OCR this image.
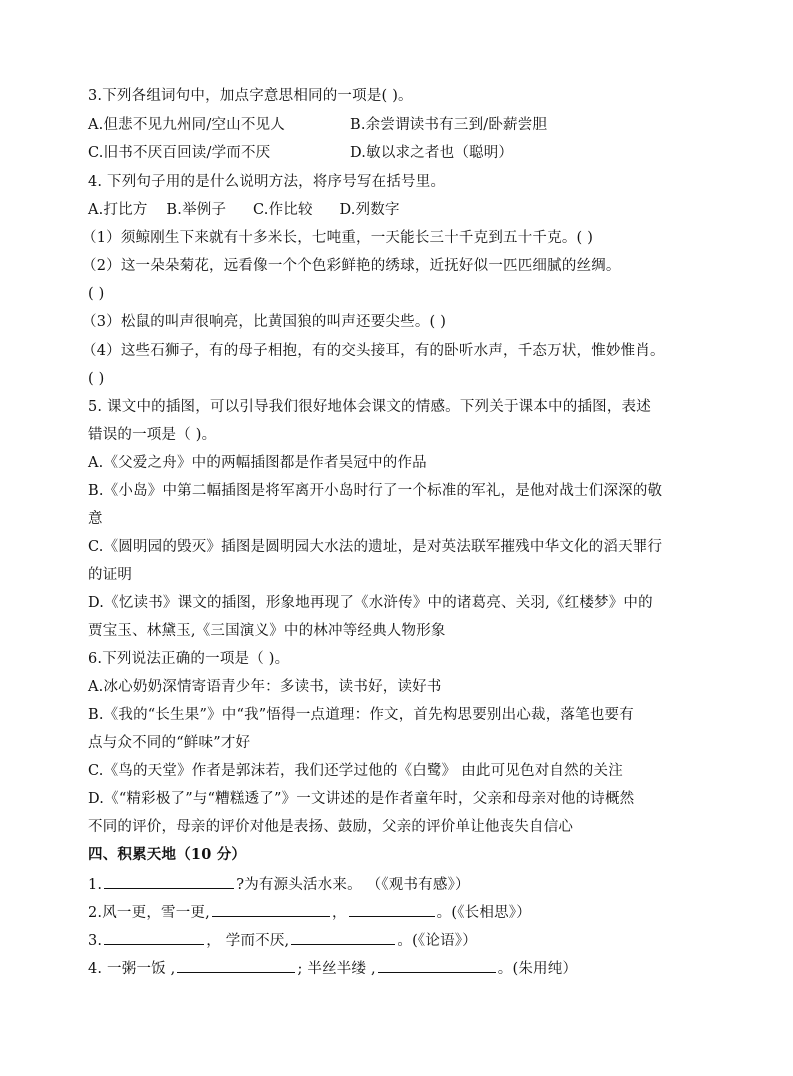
3.下列各组词句中，加点字意思相同的一项是( )。
A.但悲不见九州同/空山不见人	B.余尝谓读书有三到/卧薪尝胆
C.旧书不厌百回读/学而不厌	D.敏以求之者也（聪明）
4. 下列句子用的是什么说明方法，将序号写在括号里。
A.打比方 B.举例子 C.作比较 D.列数字
（1）须鲸刚生下来就有十多米长，七吨重，一天能长三十千克到五十千克。( )
（2）这一朵朵菊花，远看像一个个色彩鲜艳的绣球，近抚好似一匹匹细腻的丝绸。
( )
（3）松鼠的叫声很响亮，比黄国狼的叫声还要尖些。( )
（4）这些石狮子，有的母子相抱，有的交头接耳，有的卧听水声，千态万状，惟妙惟肖。
( )
5. 课文中的插图，可以引导我们很好地体会课文的情感。下列关于课本中的插图，表述
错误的一项是（ )。
A.《父爱之舟》中的两幅插图都是作者吴冠中的作品
B.《小岛》中第二幅插图是将军离开小岛时行了一个标准的军礼，是他对战士们深深的敬
意
C.《圆明园的毁灭》插图是圆明园大水法的遗址，是对英法联军摧残中华文化的滔天罪行
的证明
D.《忆读书》课文的插图，形象地再现了《水浒传》中的诸葛亮、关羽,《红楼梦》中的
贾宝玉、林黛玉,《三国演义》中的林冲等经典人物形象
6.下列说法正确的一项是（ )。
A.冰心奶奶深情寄语青少年：多读书，读书好，读好书
B.《我的“长生果”》中“我”悟得一点道理：作文，首先构思要别出心裁，落笔也要有
点与众不同的“鲜味”才好
C.《鸟的天堂》作者是郭沫若，我们还学过他的《白鹭》 由此可见色对自然的关注
D.《“精彩极了”与“糟糕透了”》一文讲述的是作者童年时，父亲和母亲对他的诗概然
不同的评价，母亲的评价对他是表扬、鼓励，父亲的评价单让他丧失自信心
四、积累天地（10 分）
1.	?为有源头活水来。 （《观书有感》）
2.风一更，雪一更,	，	。(《长相思》）
3.	， 学而不厌,	。(《论语》）
4. 一粥一饭 ,	; 半丝半缕 ,	。(朱用纯）
